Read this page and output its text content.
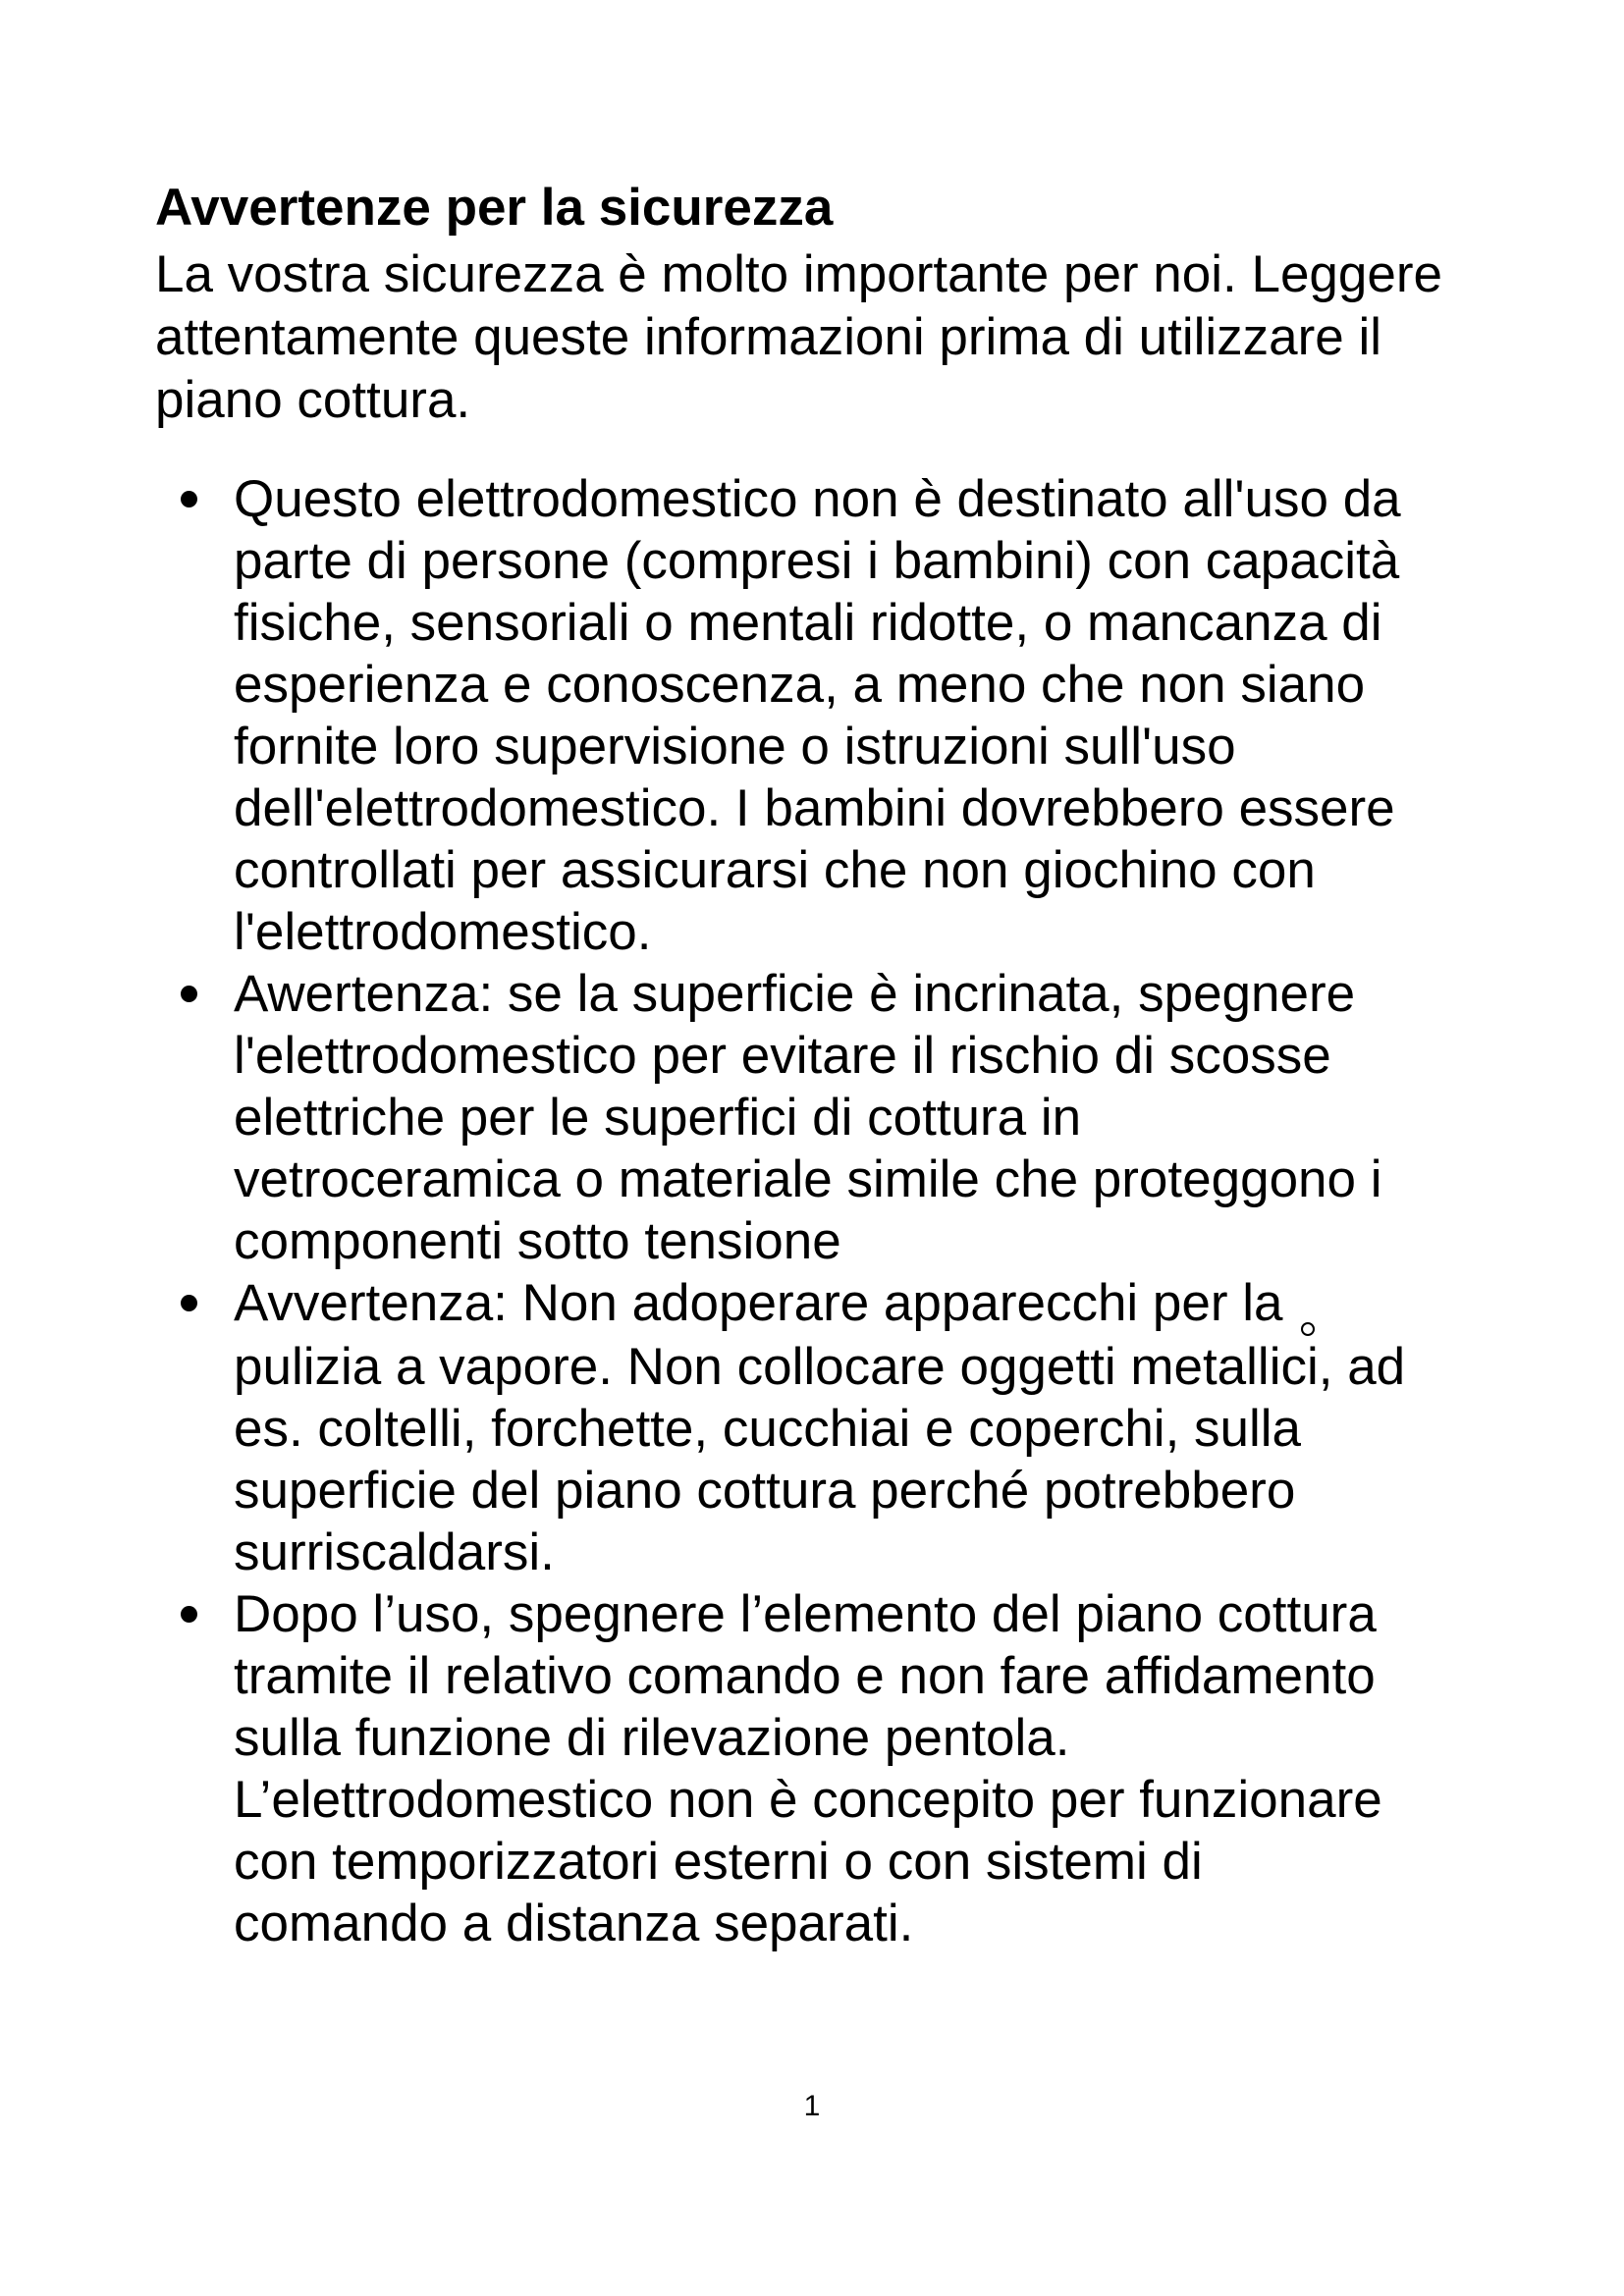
Avvertenze per la sicurezza

La vostra sicurezza è molto importante per noi. Leggere
attentamente queste informazioni prima di utilizzare il
piano cottura.

Questo elettrodomestico non è destinato all'uso da
parte di persone (compresi i bambini) con capacità
fisiche, sensoriali o mentali ridotte, o mancanza di
esperienza e conoscenza, a meno che non siano
fornite loro supervisione o istruzioni sull'uso
dell'elettrodomestico. I bambini dovrebbero essere
controllati per assicurarsi che non giochino con
l'elettrodomestico.
Awertenza: se la superficie è incrinata, spegnere
l'elettrodomestico per evitare il rischio di scosse
elettriche per le superfici di cottura in
vetroceramica o materiale simile che proteggono i
componenti sotto tensione
Avvertenza: Non adoperare apparecchi per la
pulizia a vapore. Non collocare oggetti metallici, ad
es. coltelli, forchette, cucchiai e coperchi, sulla
superficie del piano cottura perché potrebbero
surriscaldarsi.
Dopo l’uso, spegnere l’elemento del piano cottura
tramite il relativo comando e non fare affidamento
sulla funzione di rilevazione pentola.
L’elettrodomestico non è concepito per funzionare
con temporizzatori esterni o con sistemi di
comando a distanza separati.
1
